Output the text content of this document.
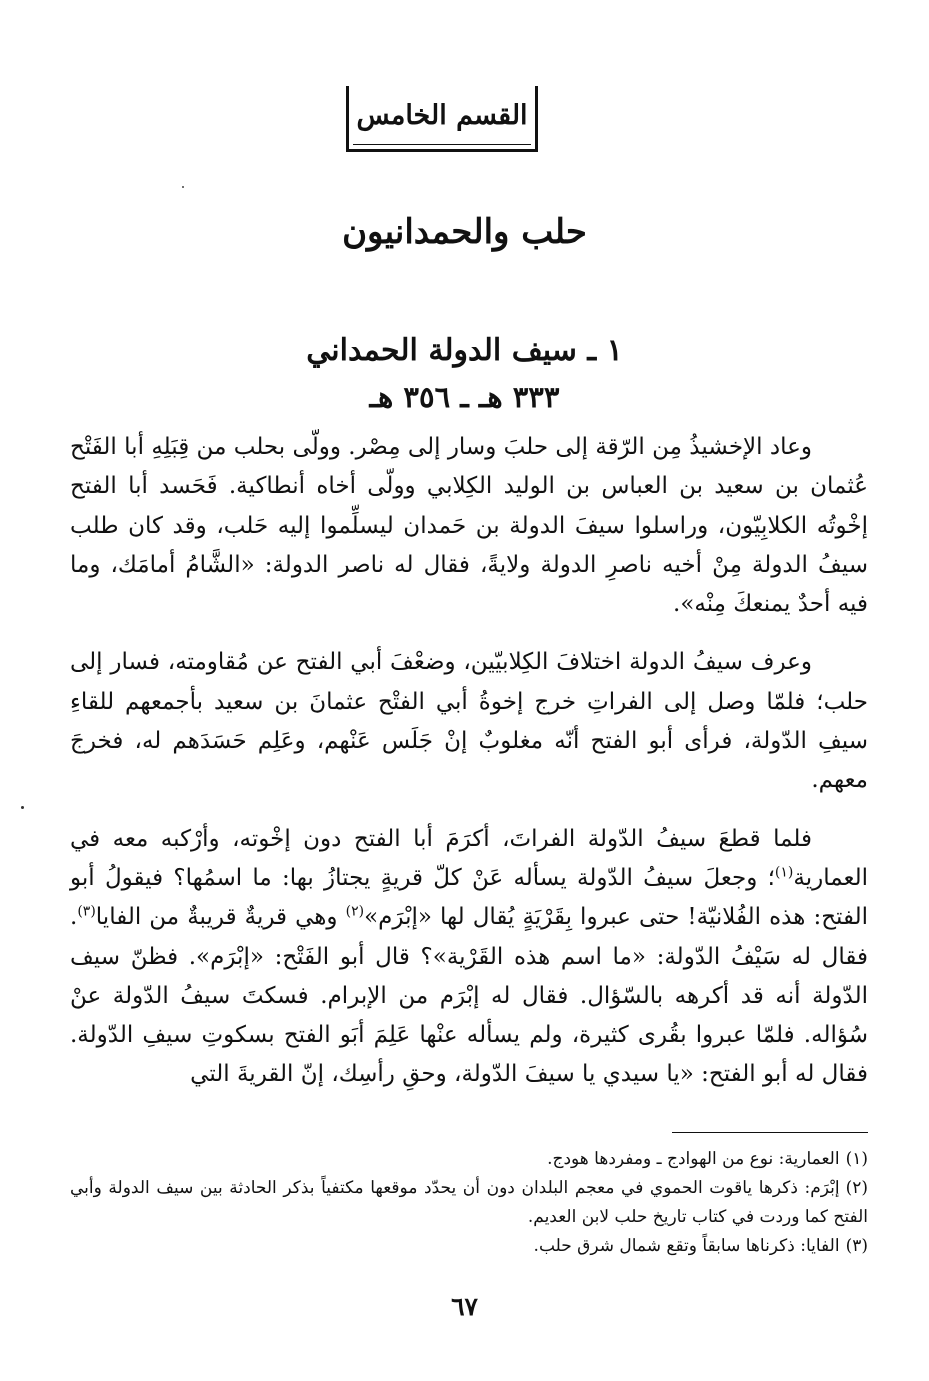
القسم الخامس
حلب والحمدانيون
١ ـ سيف الدولة الحمداني
٣٣٣ هـ ـ ٣٥٦ هـ

وعاد الإخشيذُ مِن الرّقة إلى حلبَ وسار إلى مِصْر. وولّى بحلب من قِبَلِهِ أبا الفَتْح عُثمان بن سعيد بن العباس بن الوليد الكِلابي وولّى أخاه أنطاكية. فَحَسد أبا الفتح إخْوتُه الكلابِيّون، وراسلوا سيفَ الدولة بن حَمدان ليسلِّموا إليه حَلب، وقد كان طلب سيفُ الدولة مِنْ أخيه ناصرِ الدولة ولايةً، فقال له ناصر الدولة: «الشَّامُ أمامَك، وما فيه أحدٌ يمنعكَ مِنْه».

وعرف سيفُ الدولة اختلافَ الكِلابيّين، وضعْفَ أبي الفتح عن مُقاومته، فسار إلى حلب؛ فلمّا وصل إلى الفراتِ خرج إخوةُ أبي الفتْح عثمانَ بن سعيد بأجمعهم للقاءِ سيفِ الدّولة، فرأى أبو الفتح أنّه مغلوبٌ إنْ جَلَس عَنْهم، وعَلِم حَسَدَهم له، فخرجَ معهم.

فلما قطعَ سيفُ الدّولة الفراتَ، أكرَمَ أبا الفتح دون إخْوته، وأرْكبه معه في العمارية$^{(١)}$؛ وجعلَ سيفُ الدّولة يسأله عَنْ كلّ قريةٍ يجتازُ بها: ما اسمُها؟ فيقولُ أبو الفتح: هذه الفُلانيّة! حتى عبروا بِقَرْيَةٍ يُقال لها «إبْرَم»$^{(٢)}$ وهي قريةٌ قريبةٌ من الفايا$^{(٣)}$. فقال له سَيْفُ الدّولة: «ما اسم هذه القَرْية»؟ قال أبو الفَتْح: «إبْرَم». فظنّ سيف الدّولة أنه قد أكرهه بالسّؤال. فقال له إبْرَم من الإبرام. فسكتَ سيفُ الدّولة عنْ سُؤاله. فلمّا عبروا بقُرى كثيرة، ولم يسأله عنْها عَلِمَ أبَو الفتح بسكوتِ سيفِ الدّولة. فقال له أبو الفتح: «يا سيدي يا سيفَ الدّولة، وحقِ رأسِك، إنّ القريةَ التي

(١)العمارية: نوع من الهوادج ـ ومفردها هودج.

(٢)إبْرَم: ذكرها ياقوت الحموي في معجم البلدان دون أن يحدّد موقعها مكتفياً بذكر الحادثة بين سيف الدولة وأبي الفتح كما وردت في كتاب تاريخ حلب لابن العديم.

(٣)الفايا: ذكرناها سابقاً وتقع شمال شرق حلب.

٦٧
